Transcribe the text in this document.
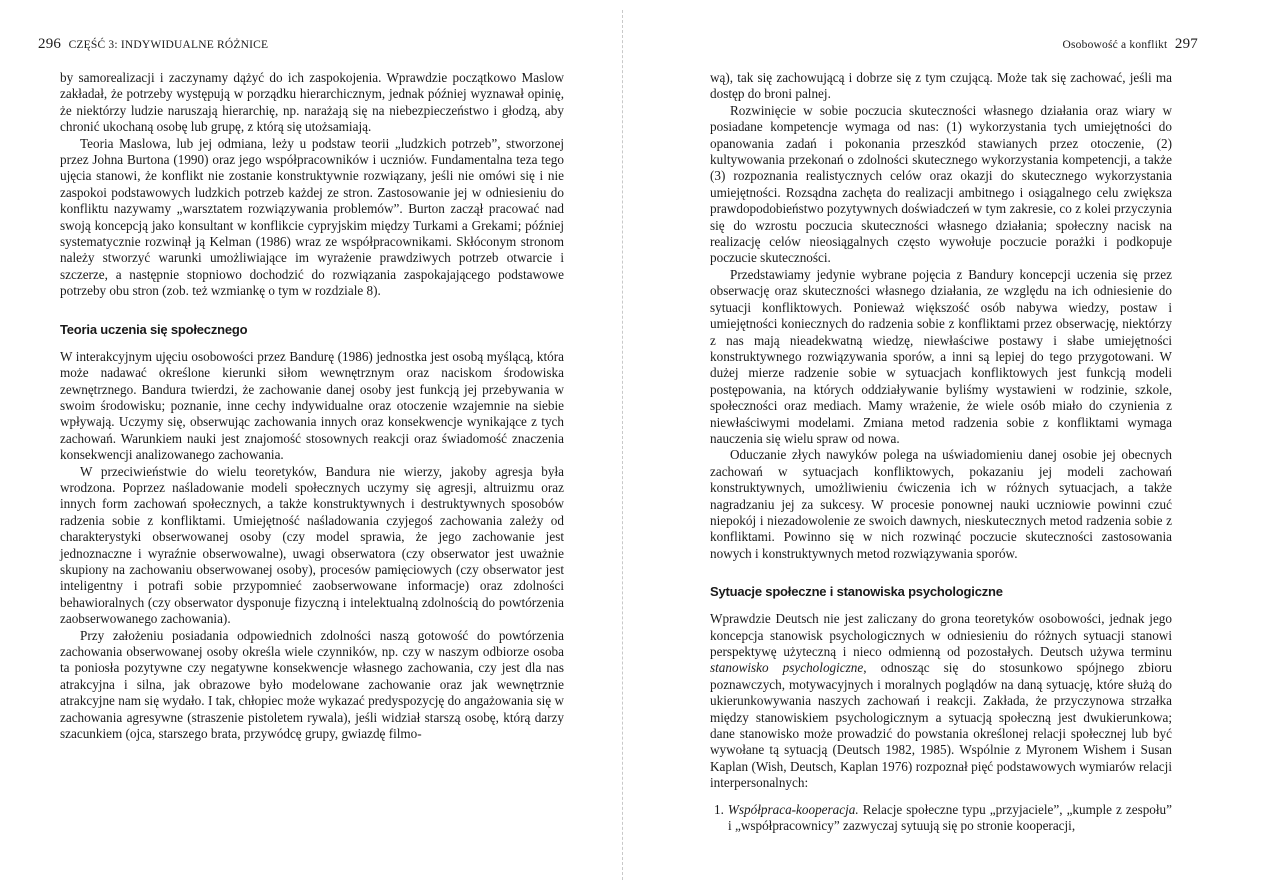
296 CZĘŚĆ 3: INDYWIDUALNE RÓŻNICE

by samorealizacji i zaczynamy dążyć do ich zaspokojenia. Wprawdzie początkowo Maslow zakładał, że potrzeby występują w porządku hierarchicznym, jednak później wyznawał opinię, że niektórzy ludzie naruszają hierarchię, np. narażają się na niebezpieczeństwo i głodzą, aby chronić ukochaną osobę lub grupę, z którą się utożsamiają.

Teoria Maslowa, lub jej odmiana, leży u podstaw teorii „ludzkich potrzeb”, stworzonej przez Johna Burtona (1990) oraz jego współpracowników i uczniów. Fundamentalna teza tego ujęcia stanowi, że konflikt nie zostanie konstruktywnie rozwiązany, jeśli nie omówi się i nie zaspokoi podstawowych ludzkich potrzeb każdej ze stron. Zastosowanie jej w odniesieniu do konfliktu nazywamy „warsztatem rozwiązywania problemów”. Burton zaczął pracować nad swoją koncepcją jako konsultant w konflikcie cypryjskim między Turkami a Grekami; później systematycznie rozwinął ją Kelman (1986) wraz ze współpracownikami. Skłóconym stronom należy stworzyć warunki umożliwiające im wyrażenie prawdziwych potrzeb otwarcie i szczerze, a następnie stopniowo dochodzić do rozwiązania zaspokajającego podstawowe potrzeby obu stron (zob. też wzmiankę o tym w rozdziale 8).

Teoria uczenia się społecznego

W interakcyjnym ujęciu osobowości przez Bandurę (1986) jednostka jest osobą myślącą, która może nadawać określone kierunki siłom wewnętrznym oraz naciskom środowiska zewnętrznego. Bandura twierdzi, że zachowanie danej osoby jest funkcją jej przebywania w swoim środowisku; poznanie, inne cechy indywidualne oraz otoczenie wzajemnie na siebie wpływają. Uczymy się, obserwując zachowania innych oraz konsekwencje wynikające z tych zachowań. Warunkiem nauki jest znajomość stosownych reakcji oraz świadomość znaczenia konsekwencji analizowanego zachowania.

W przeciwieństwie do wielu teoretyków, Bandura nie wierzy, jakoby agresja była wrodzona. Poprzez naśladowanie modeli społecznych uczymy się agresji, altruizmu oraz innych form zachowań społecznych, a także konstruktywnych i destruktywnych sposobów radzenia sobie z konfliktami. Umiejętność naśladowania czyjegoś zachowania zależy od charakterystyki obserwowanej osoby (czy model sprawia, że jego zachowanie jest jednoznaczne i wyraźnie obserwowalne), uwagi obserwatora (czy obserwator jest uważnie skupiony na zachowaniu obserwowanej osoby), procesów pamięciowych (czy obserwator jest inteligentny i potrafi sobie przypomnieć zaobserwowane informacje) oraz zdolności behawioralnych (czy obserwator dysponuje fizyczną i intelektualną zdolnością do powtórzenia zaobserwowanego zachowania).

Przy założeniu posiadania odpowiednich zdolności naszą gotowość do powtórzenia zachowania obserwowanej osoby określa wiele czynników, np. czy w naszym odbiorze osoba ta poniosła pozytywne czy negatywne konsekwencje własnego zachowania, czy jest dla nas atrakcyjna i silna, jak obrazowe było modelowane zachowanie oraz jak wewnętrznie atrakcyjne nam się wydało. I tak, chłopiec może wykazać predyspozycję do angażowania się w zachowania agresywne (straszenie pistoletem rywala), jeśli widział starszą osobę, którą darzy szacunkiem (ojca, starszego brata, przywódcę grupy, gwiazdę filmo-

Osobowość a konflikt 297

wą), tak się zachowującą i dobrze się z tym czującą. Może tak się zachować, jeśli ma dostęp do broni palnej.

Rozwinięcie w sobie poczucia skuteczności własnego działania oraz wiary w posiadane kompetencje wymaga od nas: (1) wykorzystania tych umiejętności do opanowania zadań i pokonania przeszkód stawianych przez otoczenie, (2) kultywowania przekonań o zdolności skutecznego wykorzystania kompetencji, a także (3) rozpoznania realistycznych celów oraz okazji do skutecznego wykorzystania umiejętności. Rozsądna zachęta do realizacji ambitnego i osiągalnego celu zwiększa prawdopodobieństwo pozytywnych doświadczeń w tym zakresie, co z kolei przyczynia się do wzrostu poczucia skuteczności własnego działania; społeczny nacisk na realizację celów nieosiągalnych często wywołuje poczucie porażki i podkopuje poczucie skuteczności.

Przedstawiamy jedynie wybrane pojęcia z Bandury koncepcji uczenia się przez obserwację oraz skuteczności własnego działania, ze względu na ich odniesienie do sytuacji konfliktowych. Ponieważ większość osób nabywa wiedzy, postaw i umiejętności koniecznych do radzenia sobie z konfliktami przez obserwację, niektórzy z nas mają nieadekwatną wiedzę, niewłaściwe postawy i słabe umiejętności konstruktywnego rozwiązywania sporów, a inni są lepiej do tego przygotowani. W dużej mierze radzenie sobie w sytuacjach konfliktowych jest funkcją modeli postępowania, na których oddziaływanie byliśmy wystawieni w rodzinie, szkole, społeczności oraz mediach. Mamy wrażenie, że wiele osób miało do czynienia z niewłaściwymi modelami. Zmiana metod radzenia sobie z konfliktami wymaga nauczenia się wielu spraw od nowa.

Oduczanie złych nawyków polega na uświadomieniu danej osobie jej obecnych zachowań w sytuacjach konfliktowych, pokazaniu jej modeli zachowań konstruktywnych, umożliwieniu ćwiczenia ich w różnych sytuacjach, a także nagradzaniu jej za sukcesy. W procesie ponownej nauki uczniowie powinni czuć niepokój i niezadowolenie ze swoich dawnych, nieskutecznych metod radzenia sobie z konfliktami. Powinno się w nich rozwinąć poczucie skuteczności zastosowania nowych i konstruktywnych metod rozwiązywania sporów.

Sytuacje społeczne i stanowiska psychologiczne

Wprawdzie Deutsch nie jest zaliczany do grona teoretyków osobowości, jednak jego koncepcja stanowisk psychologicznych w odniesieniu do różnych sytuacji stanowi perspektywę użyteczną i nieco odmienną od pozostałych. Deutsch używa terminu stanowisko psychologiczne, odnosząc się do stosunkowo spójnego zbioru poznawczych, motywacyjnych i moralnych poglądów na daną sytuację, które służą do ukierunkowywania naszych zachowań i reakcji. Zakłada, że przyczynowa strzałka między stanowiskiem psychologicznym a sytuacją społeczną jest dwukierunkowa; dane stanowisko może prowadzić do powstania określonej relacji społecznej lub być wywołane tą sytuacją (Deutsch 1982, 1985). Wspólnie z Myronem Wishem i Susan Kaplan (Wish, Deutsch, Kaplan 1976) rozpoznał pięć podstawowych wymiarów relacji interpersonalnych:

1. Współpraca-kooperacja. Relacje społeczne typu „przyjaciele”, „kumple z zespołu” i „współpracownicy” zazwyczaj sytuują się po stronie kooperacji,
